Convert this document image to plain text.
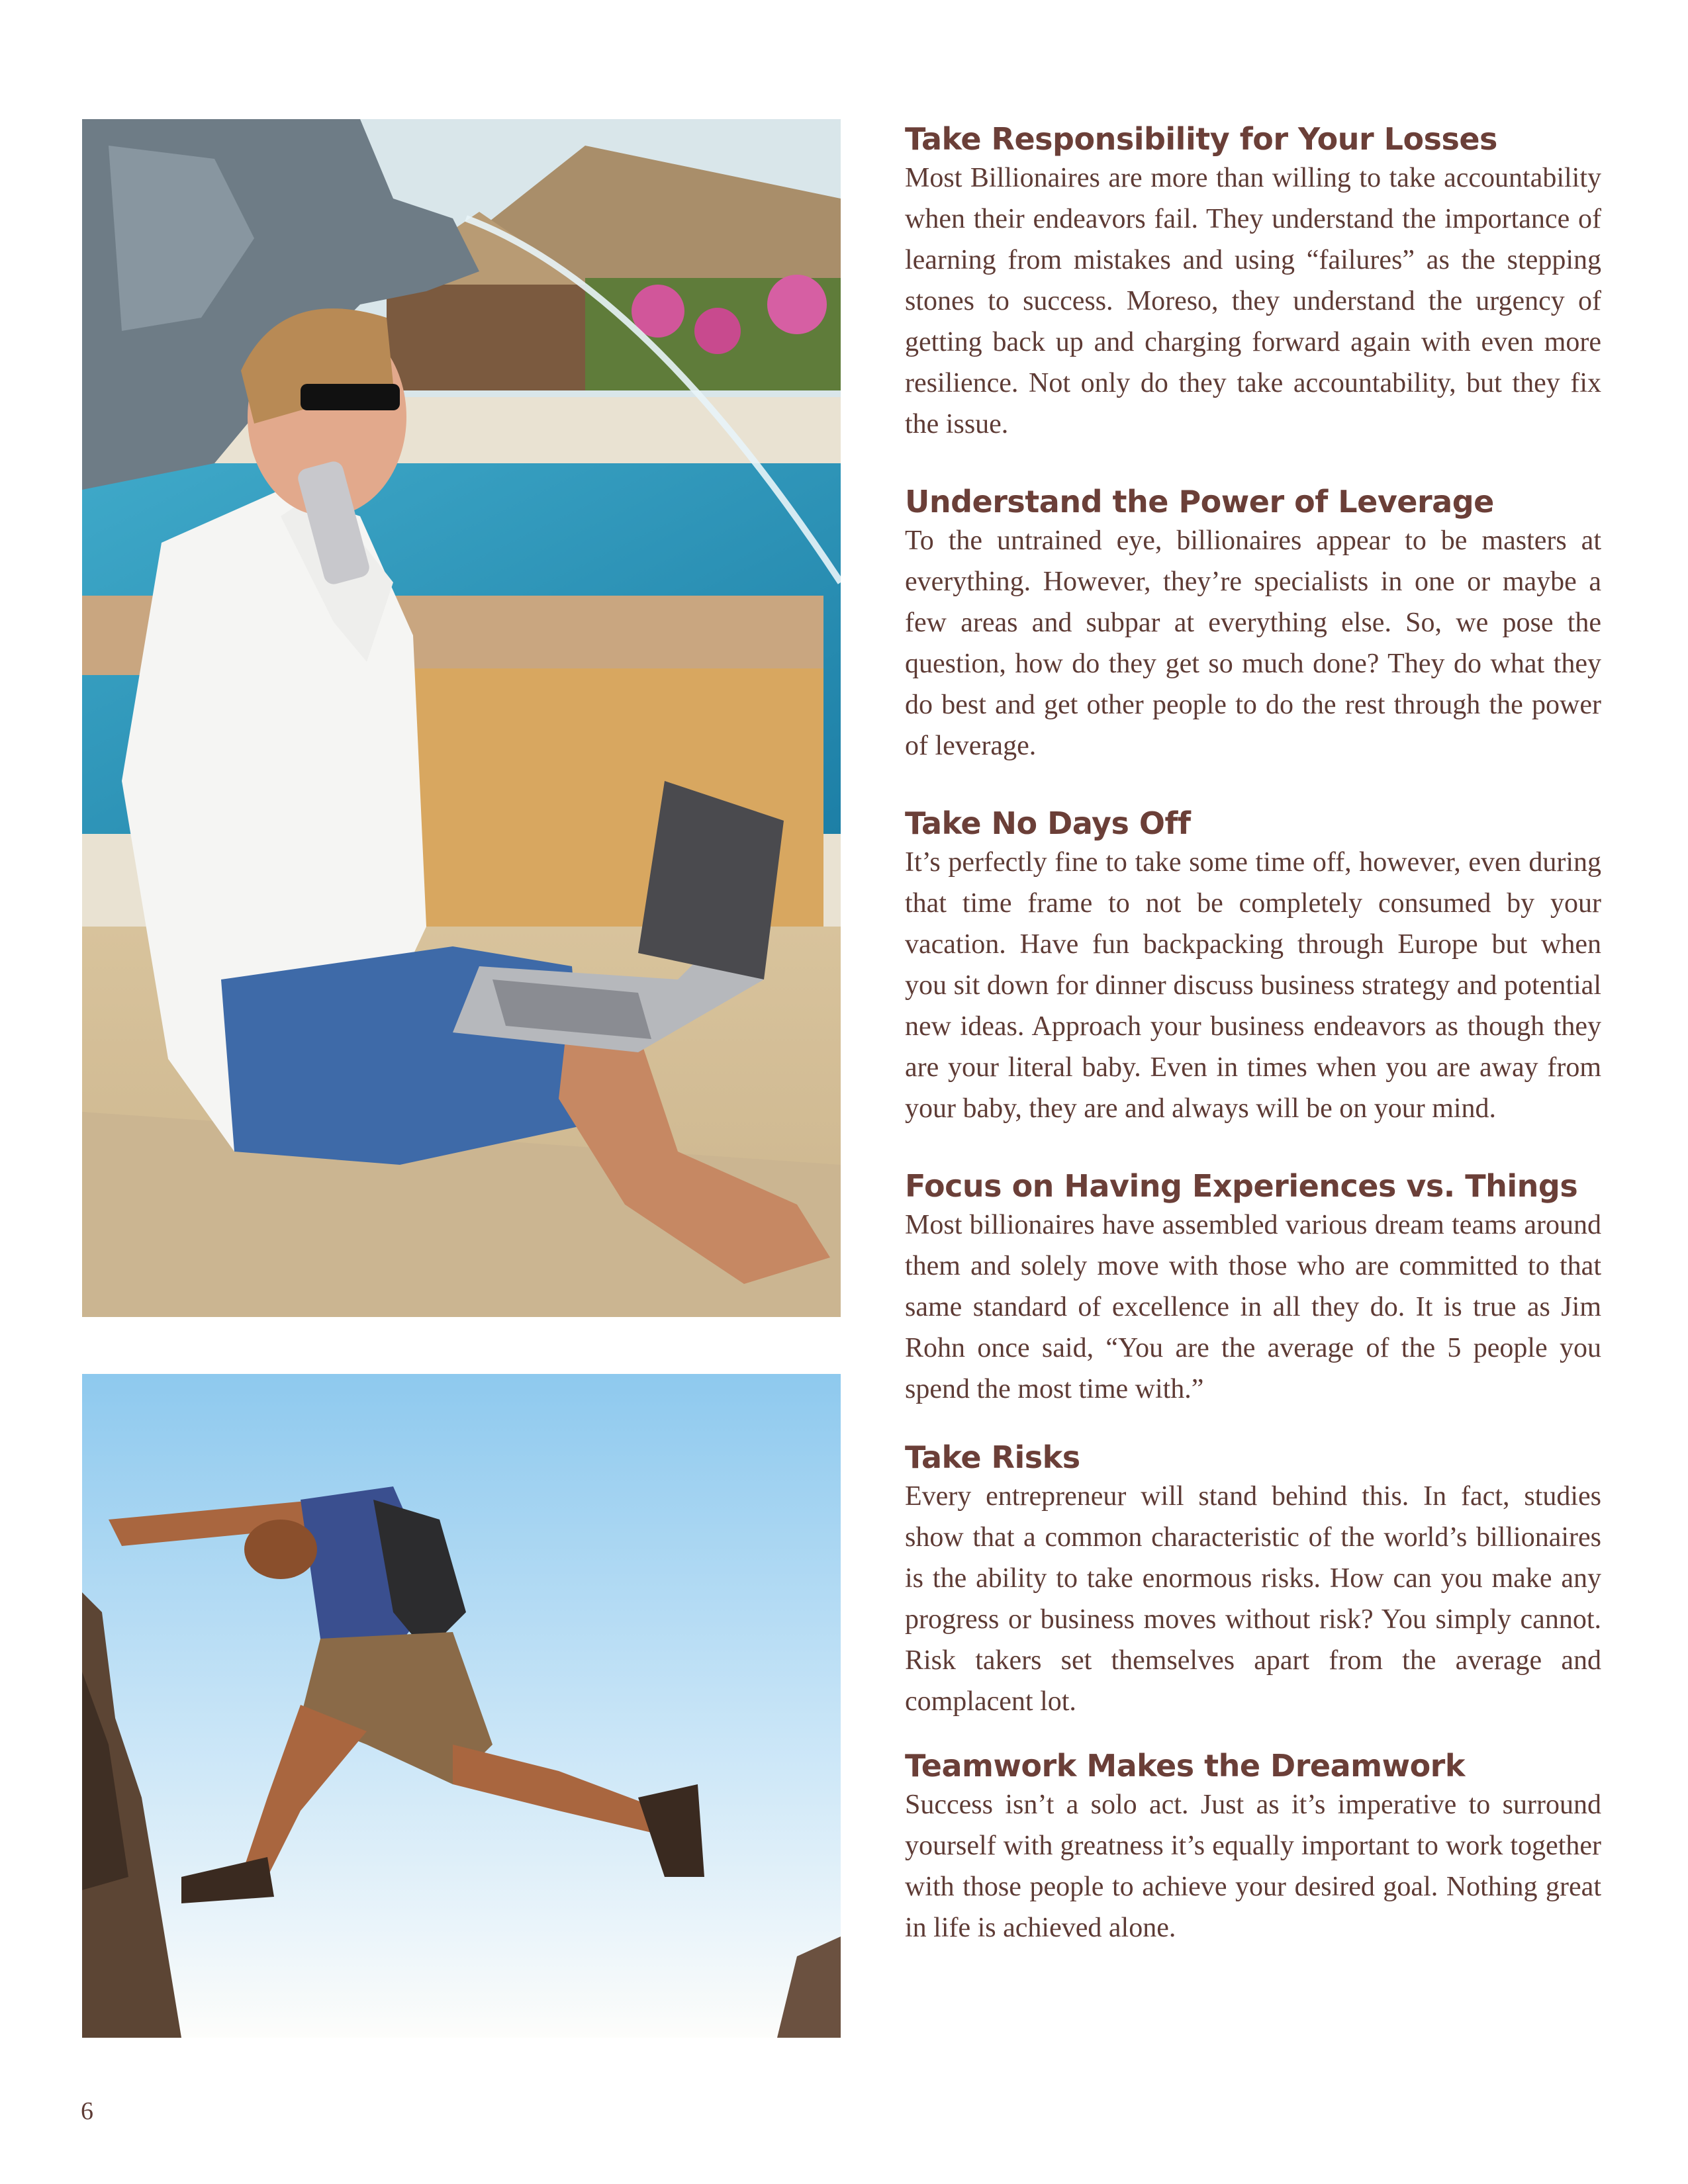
Take Responsibility for Your Losses

Most Billionaires are more than willing to take accountability when their endeavors fail. They understand the importance of learning from mistakes and using “failures” as the stepping stones to success. Moreso, they understand the urgency of getting back up and charging forward again with even more resilience. Not only do they take accountability, but they fix the issue.

Understand the Power of Leverage

To the untrained eye, billionaires appear to be masters at everything. However, they’re specialists in one or maybe a few areas and subpar at everything else. So, we pose the question, how do they get so much done? They do what they do best and get other people to do the rest through the power of leverage.

Take No Days Off

It’s perfectly fine to take some time off, however, even during that time frame to not be completely consumed by your vacation. Have fun backpacking through Europe but when you sit down for dinner discuss business strategy and potential new ideas. Approach your business endeavors as though they are your literal baby. Even in times when you are away from your baby, they are and always will be on your mind.

Focus on Having Experiences vs. Things

Most billionaires have assembled various dream teams around them and solely move with those who are committed to that same standard of excellence in all they do. It is true as Jim Rohn once said, “You are the average of the 5 people you spend the most time with.”

Take Risks

Every entrepreneur will stand behind this. In fact, studies show that a common characteristic of the world’s billionaires is the ability to take enormous risks. How can you make any progress or business moves without risk? You simply cannot. Risk takers set themselves apart from the average and complacent lot.

Teamwork Makes the Dreamwork

Success isn’t a solo act. Just as it’s imperative to surround yourself with greatness it’s equally important to work together with those people to achieve your desired goal. Nothing great in life is achieved alone.

6
